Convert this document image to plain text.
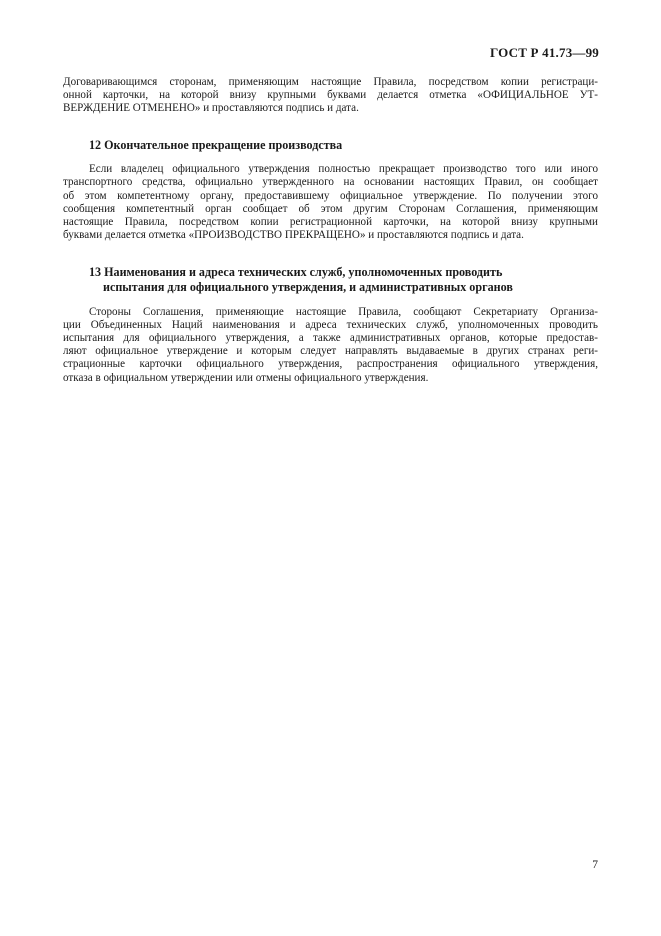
ГОСТ Р 41.73—99

Договаривающимся сторонам, применяющим настоящие Правила, посредством копии регистраци-
онной карточки, на которой внизу крупными буквами делается отметка «ОФИЦИАЛЬНОЕ УТ-
ВЕРЖДЕНИЕ ОТМЕНЕНО» и проставляются подпись и дата.

12 Окончательное прекращение производства

Если владелец официального утверждения полностью прекращает производство того или иного
транспортного средства, официально утвержденного на основании настоящих Правил, он сообщает
об этом компетентному органу, предоставившему официальное утверждение. По получении этого
сообщения компетентный орган сообщает об этом другим Сторонам Соглашения, применяющим
настоящие Правила, посредством копии регистрационной карточки, на которой внизу крупными
буквами делается отметка «ПРОИЗВОДСТВО ПРЕКРАЩЕНО» и проставляются подпись и дата.

13 Наименования и адреса технических служб, уполномоченных проводить
испытания для официального утверждения, и административных органов

Стороны Соглашения, применяющие настоящие Правила, сообщают Секретариату Организа-
ции Объединенных Наций наименования и адреса технических служб, уполномоченных проводить
испытания для официального утверждения, а также административных органов, которые предостав-
ляют официальное утверждение и которым следует направлять выдаваемые в других странах реги-
страционные карточки официального утверждения, распространения официального утверждения,
отказа в официальном утверждении или отмены официального утверждения.

7
